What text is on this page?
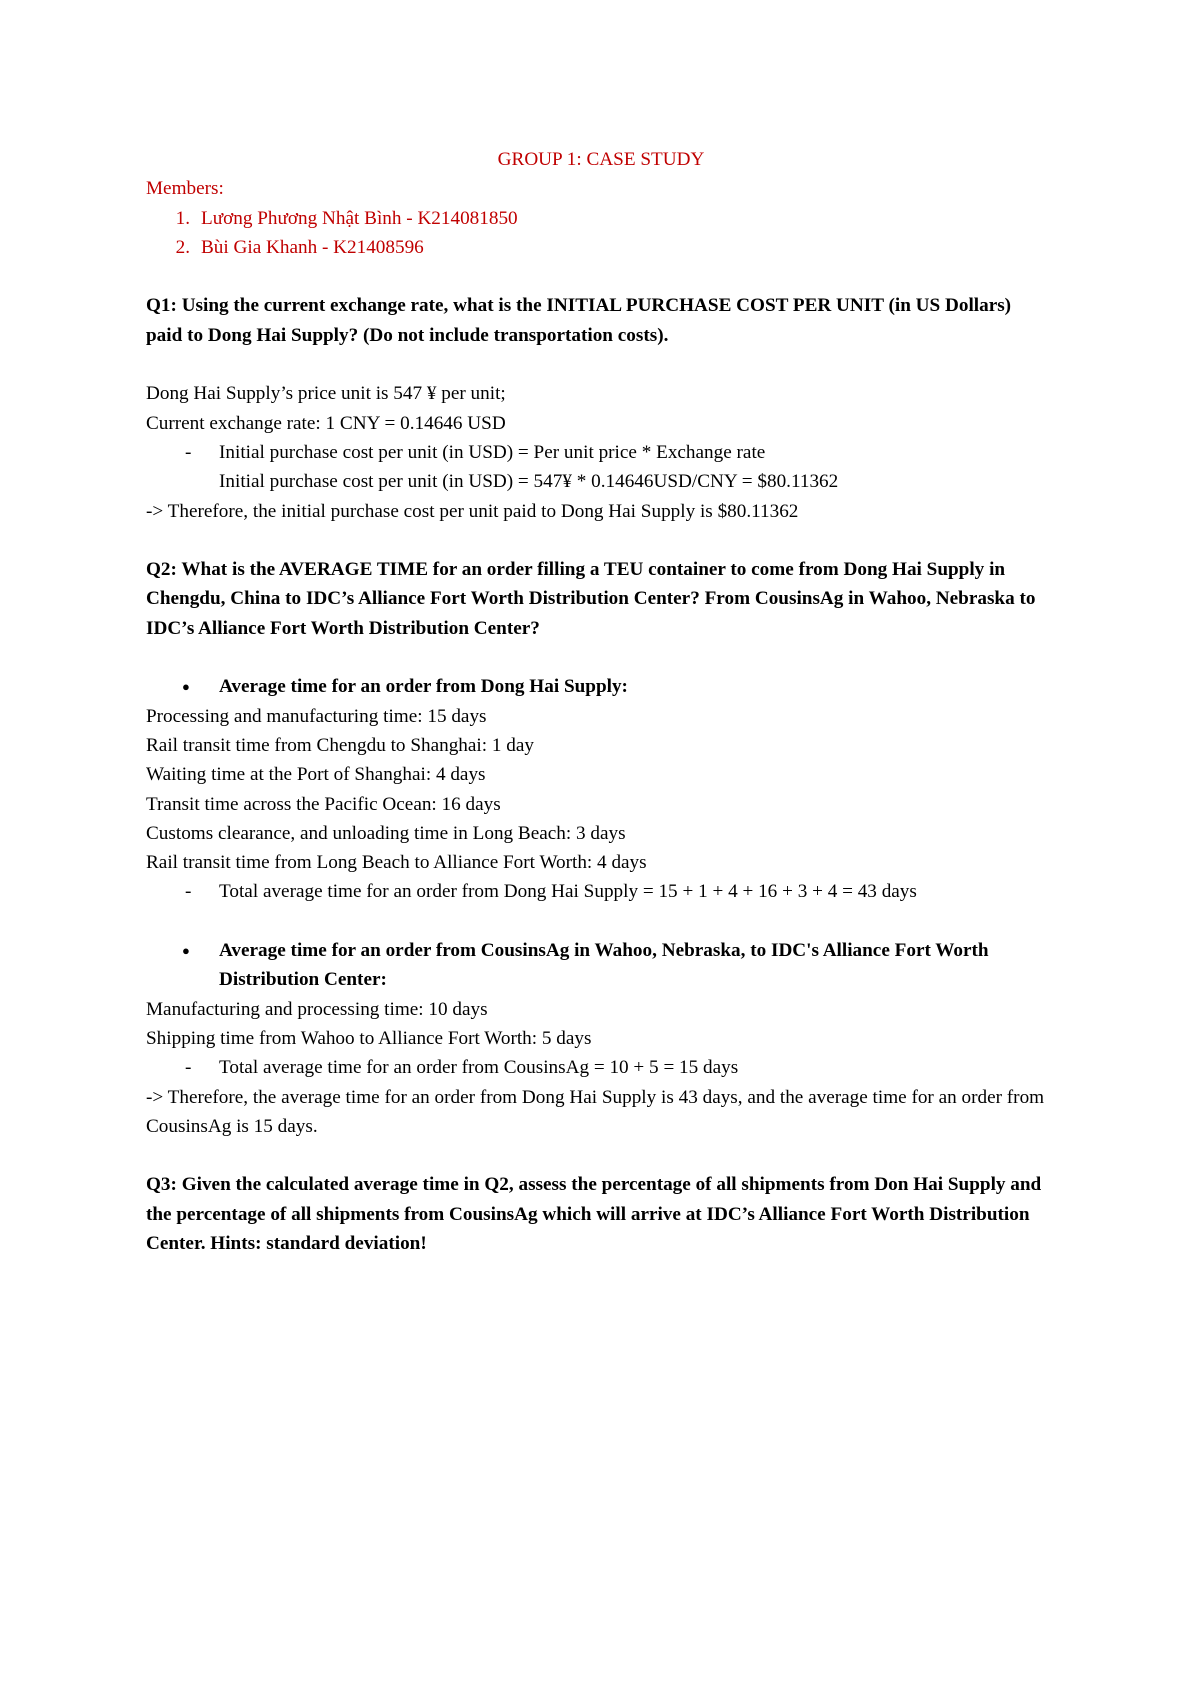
GROUP 1: CASE STUDY
Members:
1. Lương Phương Nhật Bình - K214081850
2. Bùi Gia Khanh - K21408596
Q1: Using the current exchange rate, what is the INITIAL PURCHASE COST PER UNIT (in US Dollars) paid to Dong Hai Supply? (Do not include transportation costs).
Dong Hai Supply’s price unit is 547 ¥ per unit;
Current exchange rate: 1 CNY = 0.14646 USD
- Initial purchase cost per unit (in USD) = Per unit price * Exchange rate
Initial purchase cost per unit (in USD) = 547¥ * 0.14646USD/CNY = $80.11362
-> Therefore, the initial purchase cost per unit paid to Dong Hai Supply is $80.11362
Q2: What is the AVERAGE TIME for an order filling a TEU container to come from Dong Hai Supply in Chengdu, China to IDC’s Alliance Fort Worth Distribution Center? From CousinsAg in Wahoo, Nebraska to IDC’s Alliance Fort Worth Distribution Center?
●	Average time for an order from Dong Hai Supply:
Processing and manufacturing time: 15 days
Rail transit time from Chengdu to Shanghai: 1 day
Waiting time at the Port of Shanghai: 4 days
Transit time across the Pacific Ocean: 16 days
Customs clearance, and unloading time in Long Beach: 3 days
Rail transit time from Long Beach to Alliance Fort Worth: 4 days
- Total average time for an order from Dong Hai Supply = 15 + 1 + 4 + 16 + 3 + 4 = 43 days
●	Average time for an order from CousinsAg in Wahoo, Nebraska, to IDC's Alliance Fort Worth Distribution Center:
Manufacturing and processing time: 10 days
Shipping time from Wahoo to Alliance Fort Worth: 5 days
- Total average time for an order from CousinsAg = 10 + 5 = 15 days
-> Therefore, the average time for an order from Dong Hai Supply is 43 days, and the average time for an order from CousinsAg is 15 days.
Q3: Given the calculated average time in Q2, assess the percentage of all shipments from Don Hai Supply and the percentage of all shipments from CousinsAg which will arrive at IDC’s Alliance Fort Worth Distribution Center. Hints: standard deviation!
